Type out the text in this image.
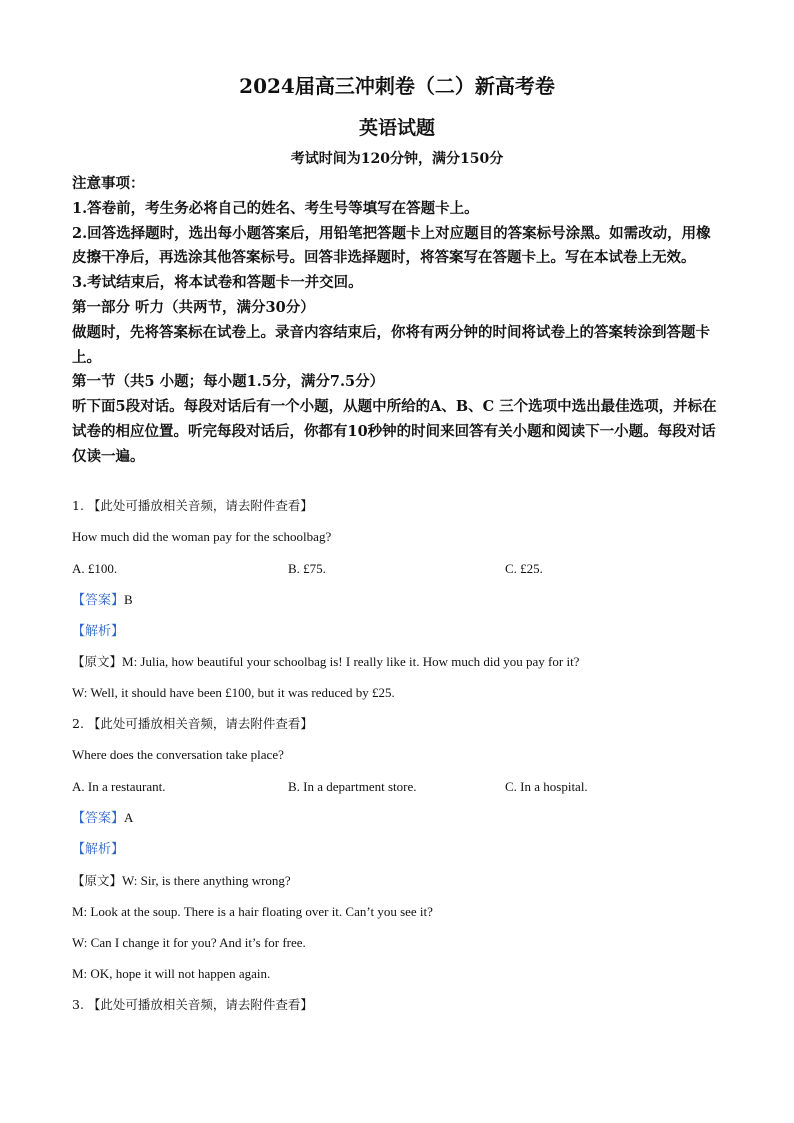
2024届高三冲刺卷（二）新高考卷
英语试题
考试时间为120分钟，满分150分

注意事项：

1.答卷前，考生务必将自己的姓名、考生号等填写在答题卡上。

2.回答选择题时，选出每小题答案后，用铅笔把答题卡上对应题目的答案标号涂黑。如需改动，用橡皮擦干净后，再选涂其他答案标号。回答非选择题时，将答案写在答题卡上。写在本试卷上无效。

3.考试结束后，将本试卷和答题卡一并交回。

第一部分 听力（共两节，满分30分）

做题时，先将答案标在试卷上。录音内容结束后，你将有两分钟的时间将试卷上的答案转涂到答题卡上。

第一节（共5 小题；每小题1.5分，满分7.5分）

听下面5段对话。每段对话后有一个小题，从题中所给的A、B、C 三个选项中选出最佳选项，并标在试卷的相应位置。听完每段对话后，你都有10秒钟的时间来回答有关小题和阅读下一小题。每段对话仅读一遍。

1. 【此处可播放相关音频，请去附件查看】
How much did the woman pay for the schoolbag?
A. £100.	B. £75.	C. £25.
【答案】B
【解析】
【原文】M: Julia, how beautiful your schoolbag is! I really like it. How much did you pay for it?
W: Well, it should have been £100, but it was reduced by £25.
2. 【此处可播放相关音频，请去附件查看】
Where does the conversation take place?
A. In a restaurant.	B. In a department store.	C. In a hospital.
【答案】A
【解析】
【原文】W: Sir, is there anything wrong?
M: Look at the soup. There is a hair floating over it. Can’t you see it?
W: Can I change it for you? And it’s for free.
M: OK, hope it will not happen again.
3. 【此处可播放相关音频，请去附件查看】
